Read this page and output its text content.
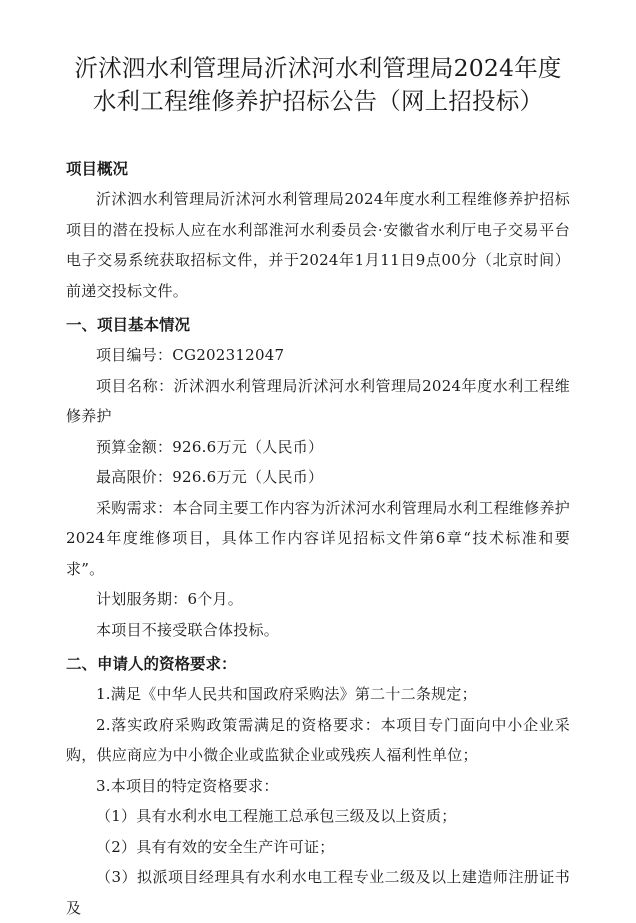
沂沭泗水利管理局沂沭河水利管理局2024年度水利工程维修养护招标公告（网上招投标）

项目概况

沂沭泗水利管理局沂沭河水利管理局2024年度水利工程维修养护招标项目的潜在投标人应在水利部淮河水利委员会·安徽省水利厅电子交易平台电子交易系统获取招标文件，并于2024年1月11日9点00分（北京时间）前递交投标文件。

一、项目基本情况

项目编号：CG202312047

项目名称：沂沭泗水利管理局沂沭河水利管理局2024年度水利工程维修养护

预算金额：926.6万元（人民币）

最高限价：926.6万元（人民币）

采购需求：本合同主要工作内容为沂沭河水利管理局水利工程维修养护2024年度维修项目，具体工作内容详见招标文件第6章“技术标准和要求”。

计划服务期：6个月。

本项目不接受联合体投标。

二、申请人的资格要求：

1.满足《中华人民共和国政府采购法》第二十二条规定；

2.落实政府采购政策需满足的资格要求：本项目专门面向中小企业采购，供应商应为中小微企业或监狱企业或残疾人福利性单位；

3.本项目的特定资格要求：

（1）具有水利水电工程施工总承包三级及以上资质；

（2）具有有效的安全生产许可证；

（3）拟派项目经理具有水利水电工程专业二级及以上建造师注册证书及
